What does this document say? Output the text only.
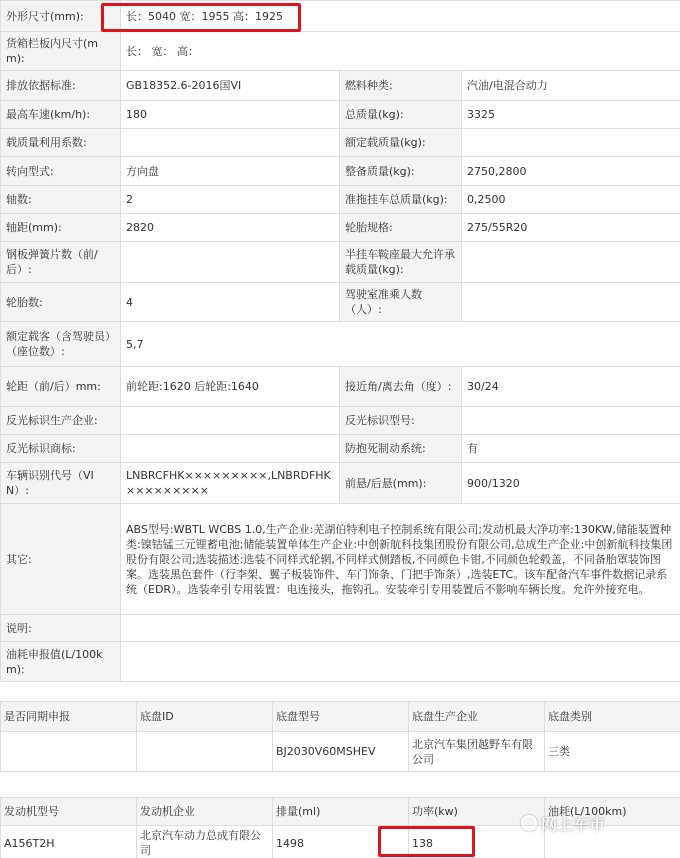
外形尺寸(mm):	长：5040 宽：1955 高：1925		
货箱栏板内尺寸(mm):	长： 宽： 高：		
排放依据标准:	GB18352.6-2016国VI	燃料种类:	汽油/电混合动力
最高车速(km/h):	180	总质量(kg):	3325
载质量利用系数:		额定载质量(kg):	
转向型式:	方向盘	整备质量(kg):	2750,2800
轴数:	2	准拖挂车总质量(kg):	0,2500
轴距(mm):	2820	轮胎规格:	275/55R20
钢板弹簧片数（前/后）:		半挂车鞍座最大允许承载质量(kg):	
轮胎数:	4	驾驶室准乘人数（人）:	
额定载客（含驾驶员）（座位数）:	5,7		
轮距（前/后）mm:	前轮距:1620 后轮距:1640	接近角/离去角（度）:	30/24
反光标识生产企业:		反光标识型号:	
反光标识商标:		防抱死制动系统:	有
车辆识别代号（VIN）:	LNBRCFHK×××××××××,LNBRDFHK×××××××××	前悬/后悬(mm):	900/1320
其它:	ABS型号:WBTL WCBS 1.0,生产企业:芜湖伯特利电子控制系统有限公司;发动机最大净功率:130KW,储能装置种类:镍钴锰三元锂蓄电池;储能装置单体生产企业:中创新航科技集团股份有限公司,总成生产企业:中创新航科技集团股份有限公司;选装描述:选装不同样式轮辋,不同样式侧踏板,不同颜色卡钳,不同颜色轮毂盖，不同备胎罩装饰图案。选装黑色套件（行李架、翼子板装饰件、车门饰条、门把手饰条）,选装ETC。该车配备汽车事件数据记录系统（EDR）。选装牵引专用装置：电连接头，拖钩孔。安装牵引专用装置后不影响车辆长度。允许外接充电。		
说明:			
油耗申报值(L/100km):			
是否同期申报	底盘ID	底盘型号	底盘生产企业	底盘类别
		BJ2030V60MSHEV	北京汽车集团越野车有限公司	三类
发动机型号	发动机企业	排量(ml)	功率(kw)	油耗(L/100km)
A156T2H	北京汽车动力总成有限公司	1498	138	
网上车市
